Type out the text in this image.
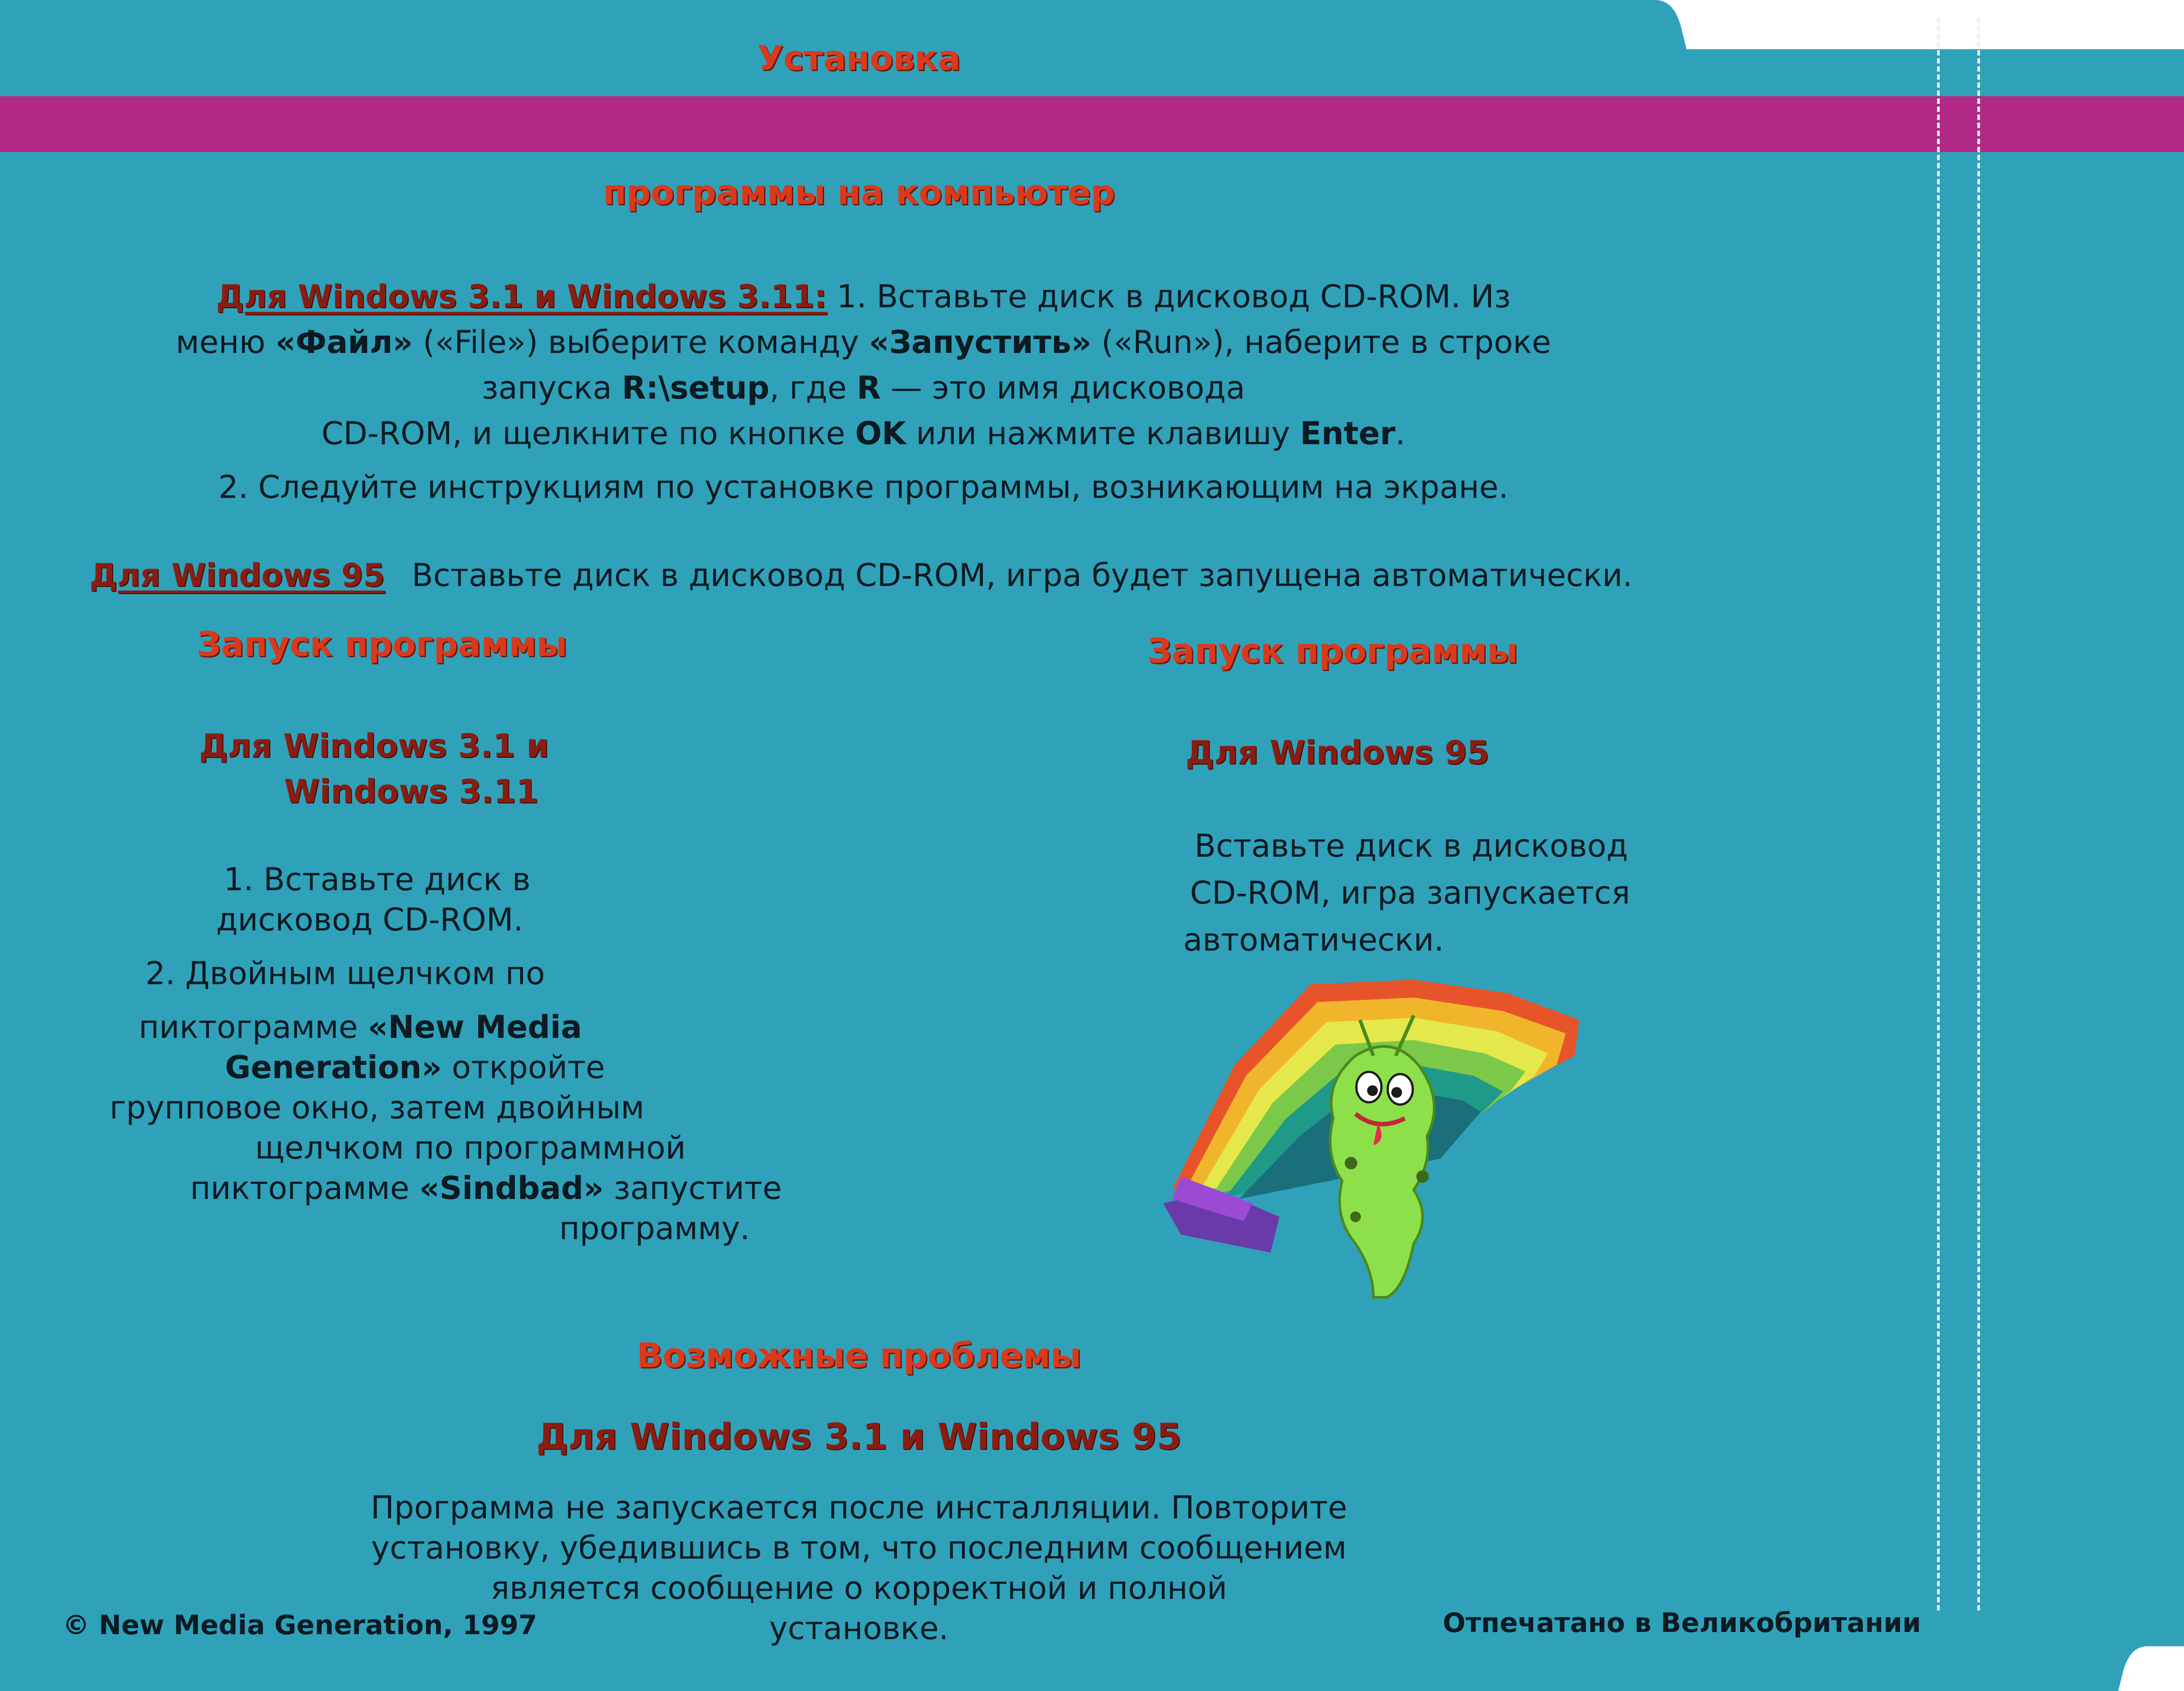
Установка
программы на компьютер
Для Windows 3.1 и Windows 3.11: 1. Вставьте диск в дисковод CD-ROM. Из
меню «Файл» («File») выберите команду «Запустить» («Run»), наберите в строке
запуска R:\setup, где R — это имя дисковода
CD-ROM, и щелкните по кнопке OK или нажмите клавишу Enter.
2. Следуйте инструкциям по установке программы, возникающим на экране.
Для Windows 95 Вставьте диск в дисковод CD-ROM, игра будет запущена автоматически.
Запуск программы
Для Windows 3.1 и
Windows 3.11
1. Вставьте диск в
дисковод CD-ROM.
2. Двойным щелчком по
пиктограмме «New Media
Generation» откройте
групповое окно, затем двойным
щелчком по программной
пиктограмме «Sindbad» запустите
программу.
Запуск программы
Для Windows 95
Вставьте диск в дисковод
CD-ROM, игра запускается
автоматически.
Возможные проблемы
Для Windows 3.1 и Windows 95
Программа не запускается после инсталляции. Повторите
установку, убедившись в том, что последним сообщением
является сообщение о корректной и полной
установке.
© New Media Generation, 1997	Отпечатано в Великобритании
